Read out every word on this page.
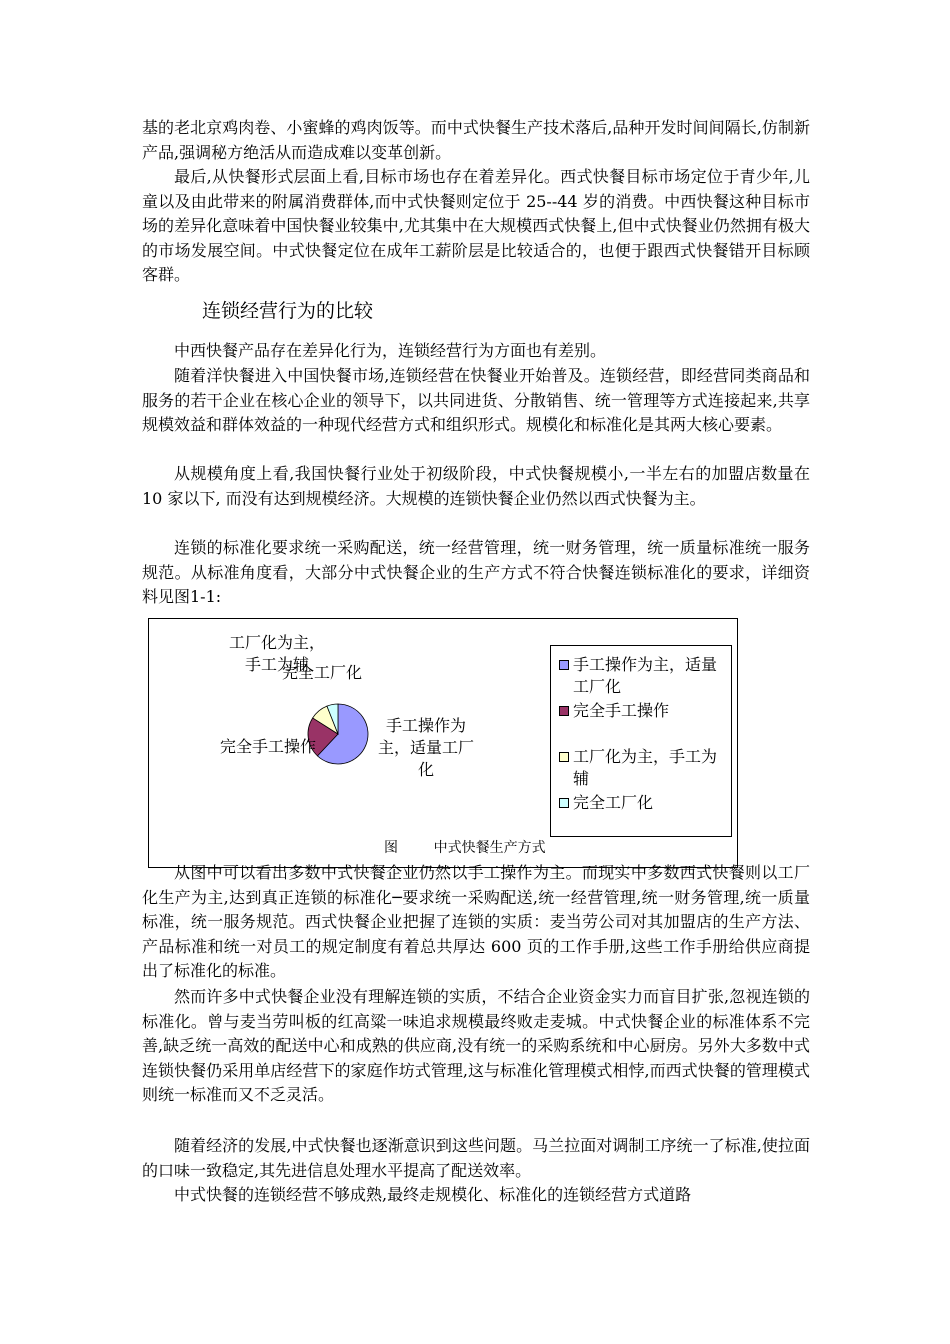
基的老北京鸡肉卷、小蜜蜂的鸡肉饭等。而中式快餐生产技术落后,品种开发时间间隔长,仿制新产品,强调秘方绝活从而造成难以变革创新。

最后,从快餐形式层面上看,目标市场也存在着差异化。西式快餐目标市场定位于青少年,儿童以及由此带来的附属消费群体,而中式快餐则定位于 25--44 岁的消费。中西快餐这种目标市场的差异化意味着中国快餐业较集中,尤其集中在大规模西式快餐上,但中式快餐业仍然拥有极大的市场发展空间。中式快餐定位在成年工薪阶层是比较适合的，也便于跟西式快餐错开目标顾客群。

连锁经营行为的比较

中西快餐产品存在差异化行为，连锁经营行为方面也有差别。

随着洋快餐进入中国快餐市场,连锁经营在快餐业开始普及。连锁经营，即经营同类商品和服务的若干企业在核心企业的领导下，以共同进货、分散销售、统一管理等方式连接起来,共享规模效益和群体效益的一种现代经营方式和组织形式。规模化和标准化是其两大核心要素。

从规模角度上看,我国快餐行业处于初级阶段，中式快餐规模小,一半左右的加盟店数量在 10 家以下, 而没有达到规模经济。大规模的连锁快餐企业仍然以西式快餐为主。

连锁的标准化要求统一采购配送，统一经营管理，统一财务管理，统一质量标准统一服务规范。从标准角度看，大部分中式快餐企业的生产方式不符合快餐连锁标准化的要求，详细资料见图1-1:

工厂化为主，手工为辅
完全工厂化
完全手工操作
手工操作为主，适量工厂化
手工操作为主，适量工厂化
完全手工操作
工厂化为主，手工为辅
完全工厂化
图        中式快餐生产方式

从图中可以看出多数中式快餐企业仍然以手工操作为主。而现实中多数西式快餐则以工厂化生产为主,达到真正连锁的标准化─要求统一采购配送,统一经营管理,统一财务管理,统一质量标准，统一服务规范。西式快餐企业把握了连锁的实质：麦当劳公司对其加盟店的生产方法、产品标准和统一对员工的规定制度有着总共厚达 600 页的工作手册,这些工作手册给供应商提出了标准化的标准。

然而许多中式快餐企业没有理解连锁的实质，不结合企业资金实力而盲目扩张,忽视连锁的标准化。曾与麦当劳叫板的红高粱一味追求规模最终败走麦城。中式快餐企业的标准体系不完善,缺乏统一高效的配送中心和成熟的供应商,没有统一的采购系统和中心厨房。另外大多数中式连锁快餐仍采用单店经营下的家庭作坊式管理,这与标准化管理模式相悖,而西式快餐的管理模式则统一标准而又不乏灵活。

随着经济的发展,中式快餐也逐渐意识到这些问题。马兰拉面对调制工序统一了标准,使拉面的口味一致稳定,其先进信息处理水平提高了配送效率。

中式快餐的连锁经营不够成熟,最终走规模化、标准化的连锁经营方式道路
